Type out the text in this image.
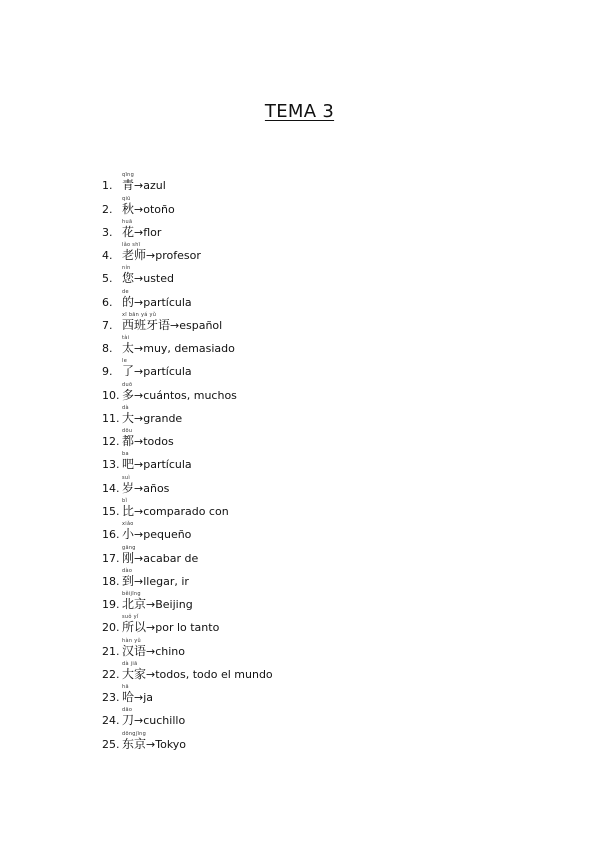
TEMA 3
1.
qīng
青 → azul
2.
qiū
秋 → otoño
3.
huā
花 → flor
4.
lǎo shī
老师 → profesor
5.
nín
您 → usted
6.
de
的 → partícula
7.
xī bān yá yǔ
西班牙语 → español
8.
tài
太 → muy, demasiado
9.
le
了 → partícula
10.
duō
多 → cuántos, muchos
11.
dà
大 → grande
12.
dōu
都 → todos
13.
ba
吧 → partícula
14.
suì
岁 → años
15.
bǐ
比 → comparado con
16.
xiǎo
小 → pequeño
17.
gāng
刚 → acabar de
18.
dào
到 → llegar, ir
19.
běijīng
北京 → Beijing
20.
suǒ yǐ
所以 → por lo tanto
21.
hàn yǔ
汉语 → chino
22.
dà jiā
大家 → todos, todo el mundo
23.
hā
哈 → ja
24.
dāo
刀 → cuchillo
25.
dōngjīng
东京 → Tokyo
